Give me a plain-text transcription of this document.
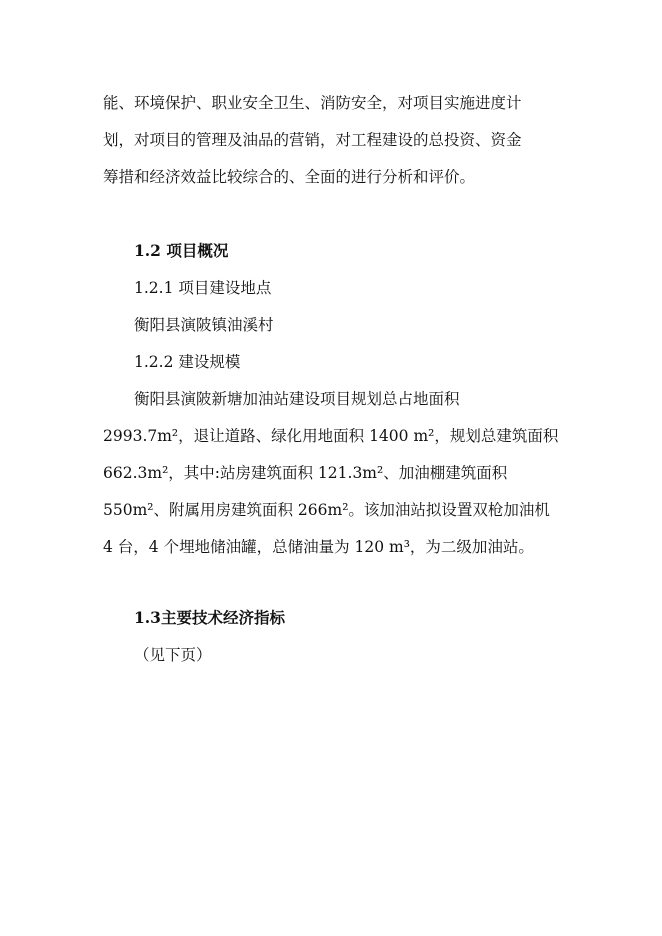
能、环境保护、职业安全卫生、消防安全，对项目实施进度计
划，对项目的管理及油品的营销，对工程建设的总投资、资金
筹措和经济效益比较综合的、全面的进行分析和评价。
1.2 项目概况
1.2.1 项目建设地点
衡阳县演陂镇油溪村
1.2.2 建设规模
衡阳县演陂新塘加油站建设项目规划总占地面积
2993.7m²，退让道路、绿化用地面积 1400 m²，规划总建筑面积
662.3m²，其中:站房建筑面积 121.3m²、加油棚建筑面积
550m²、附属用房建筑面积 266m²。该加油站拟设置双枪加油机
4 台，4 个埋地储油罐，总储油量为 120 m³，为二级加油站。
1.3主要技术经济指标
（见下页）
